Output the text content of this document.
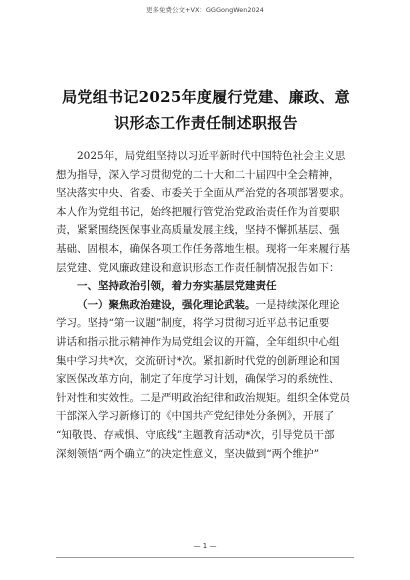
更多免费公文+VX：GGGongWen2024
局党组书记2025年度履行党建、廉政、意
识形态工作责任制述职报告
2025年，局党组坚持以习近平新时代中国特色社会主义思
想为指导，深入学习贯彻党的二十大和二十届四中全会精神，
坚决落实中央、省委、市委关于全面从严治党的各项部署要求。
本人作为党组书记，始终把履行管党治党政治责任作为首要职
责，紧紧围绕医保事业高质量发展主线，坚持不懈抓基层、强
基础、固根本，确保各项工作任务落地生根。现将一年来履行基
层党建、党风廉政建设和意识形态工作责任制情况报告如下：
一、坚持政治引领，着力夯实基层党建责任
（一）聚焦政治建设，强化理论武装。一是持续深化理论
学习。坚持“第一议题”制度，将学习贯彻习近平总书记重要
讲话和指示批示精神作为局党组会议的开篇，全年组织中心组
集中学习共*次，交流研讨*次。紧扣新时代党的创新理论和国
家医保改革方向，制定了年度学习计划，确保学习的系统性、
针对性和实效性。二是严明政治纪律和政治规矩。组织全体党员
干部深入学习新修订的《中国共产党纪律处分条例》，开展了
“知敬畏、存戒惧、守底线”主题教育活动*次，引导党员干部
深刻领悟“两个确立”的决定性意义，坚决做到“两个维护”
— 1 —
